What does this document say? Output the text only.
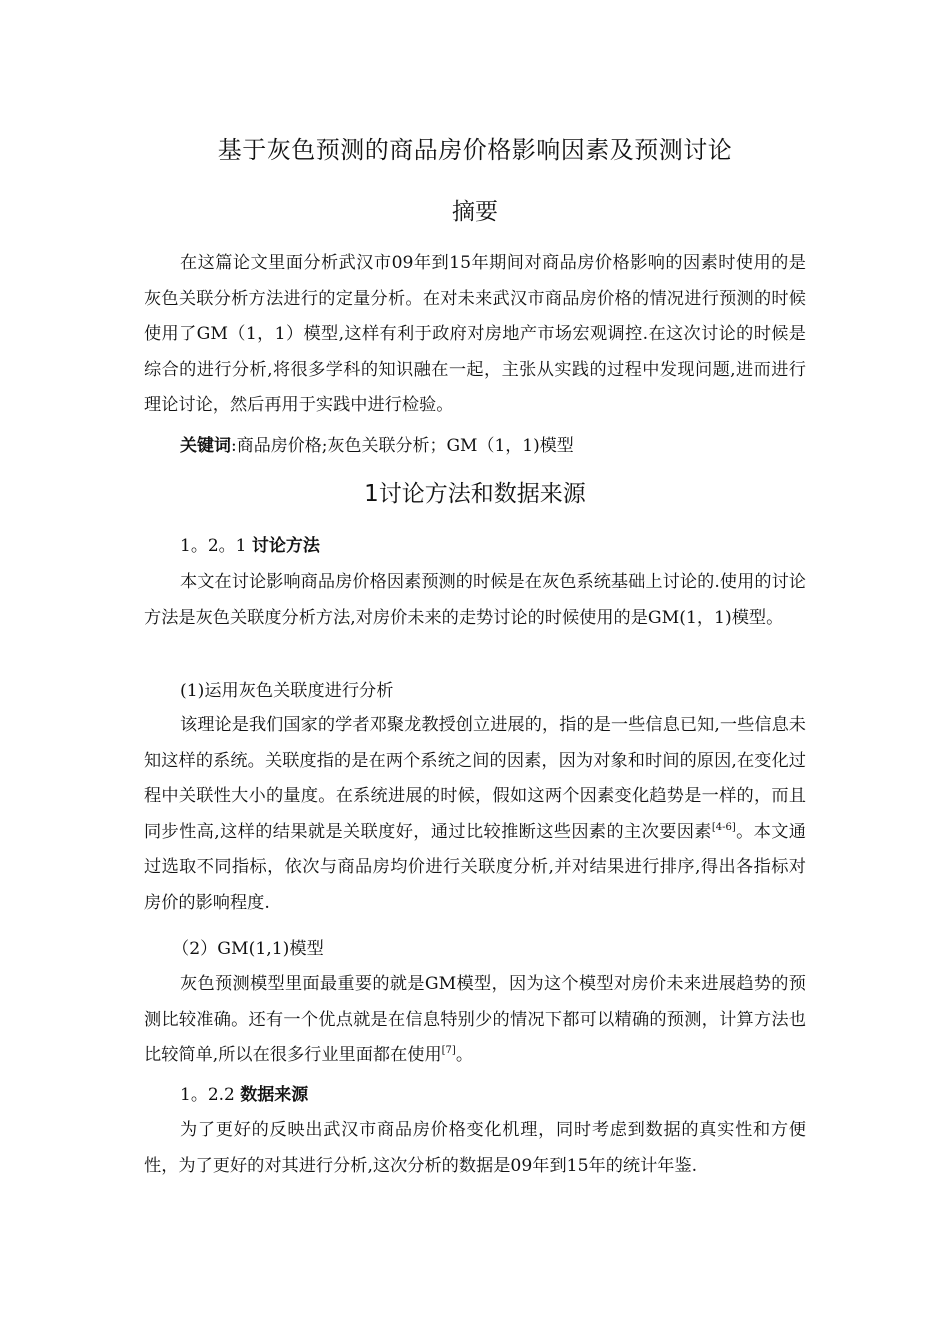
基于灰色预测的商品房价格影响因素及预测讨论
摘要
在这篇论文里面分析武汉市09年到15年期间对商品房价格影响的因素时使用的是灰色关联分析方法进行的定量分析。在对未来武汉市商品房价格的情况进行预测的时候使用了GM（1，1）模型,这样有利于政府对房地产市场宏观调控.在这次讨论的时候是综合的进行分析,将很多学科的知识融在一起，主张从实践的过程中发现问题,进而进行理论讨论，然后再用于实践中进行检验。
关键词:商品房价格;灰色关联分析；GM（1，1)模型
1讨论方法和数据来源
1。2。1 讨论方法
本文在讨论影响商品房价格因素预测的时候是在灰色系统基础上讨论的.使用的讨论方法是灰色关联度分析方法,对房价未来的走势讨论的时候使用的是GM(1，1)模型。
(1)运用灰色关联度进行分析
该理论是我们国家的学者邓聚龙教授创立进展的，指的是一些信息已知,一些信息未知这样的系统。关联度指的是在两个系统之间的因素，因为对象和时间的原因,在变化过程中关联性大小的量度。在系统进展的时候，假如这两个因素变化趋势是一样的，而且同步性高,这样的结果就是关联度好，通过比较推断这些因素的主次要因素[4-6]。本文通过选取不同指标，依次与商品房均价进行关联度分析,并对结果进行排序,得出各指标对房价的影响程度.
（2）GM(1,1)模型
灰色预测模型里面最重要的就是GM模型，因为这个模型对房价未来进展趋势的预测比较准确。还有一个优点就是在信息特别少的情况下都可以精确的预测，计算方法也比较简单,所以在很多行业里面都在使用[7]。
1。2.2 数据来源
为了更好的反映出武汉市商品房价格变化机理，同时考虑到数据的真实性和方便性，为了更好的对其进行分析,这次分析的数据是09年到15年的统计年鉴.
